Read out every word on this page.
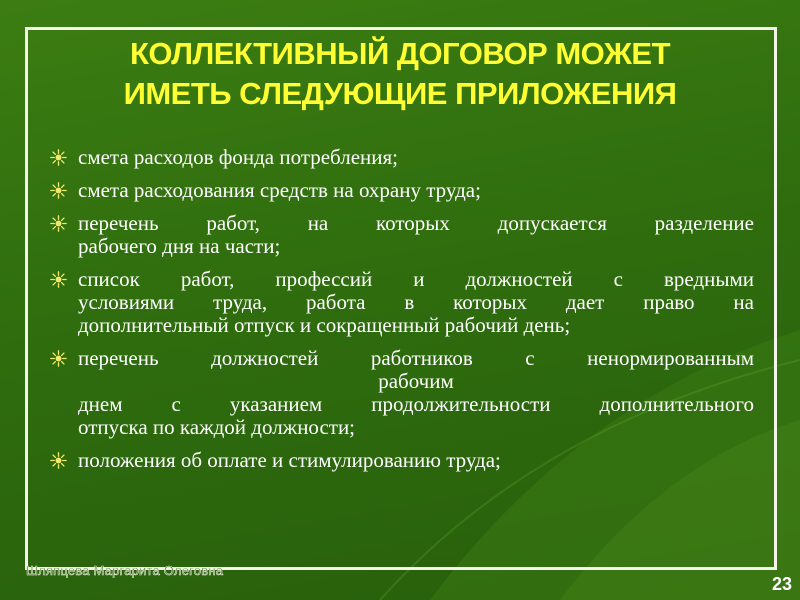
КОЛЛЕКТИВНЫЙ ДОГОВОР МОЖЕТ
ИМЕТЬ СЛЕДУЮЩИЕ ПРИЛОЖЕНИЯ
смета расходов фонда потребления;
смета расходования средств на охрану труда;
перечень работ, на которых допускается разделение
рабочего дня на части;
список работ, профессий и должностей с вредными
условиями труда, работа в которых дает право на
дополнительный отпуск и сокращенный рабочий день;
перечень должностей работников с ненормированным
рабочим
днем с указанием продолжительности дополнительного
отпуска по каждой должности;
положения об оплате и стимулированию труда;
Шляпцева Маргарита Олеговна
23
